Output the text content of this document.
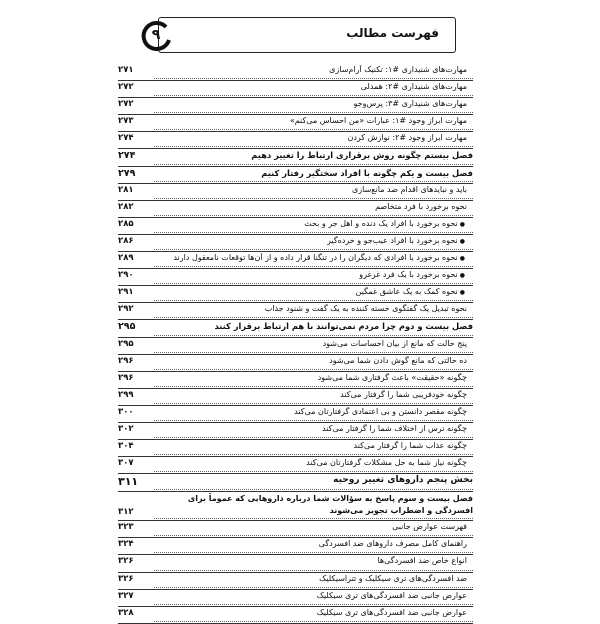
فهرست مطالب
۹
مهارت‌های شنیداری #۱: تکنیک آرام‌سازی
۲۷۱
مهارت‌های شنیداری #۲: همدلی
۲۷۲
مهارت‌های شنیداری #۳: پرس‌وجو
۲۷۲
مهارت ابراز وجود #۱: عبارات «من احساس می‌کنم»
۲۷۳
مهارت ابراز وجود #۲: نوازش کردن
۲۷۴
فصل بیستم چگونه روش برقراری ارتباط را تغییر دهیم
۲۷۴
فصل بیست و یکم چگونه با افراد سختگیر رفتار کنیم
۲۷۹
باید و نبایدهای اقدام ضد مانع‌سازی
۲۸۱
نحوه برخورد با فرد متخاصم
۲۸۲
●نحوه برخورد با افراد یک دنده و اهل جر و بحث
۲۸۵
●نحوه برخورد با افراد عیب‌جو و خرده‌گیر
۲۸۶
●نحوه برخورد با افرادی که دیگران را در تنگنا قرار داده و از آن‌ها توقعات نامعقول دارند
۲۸۹
●نحوه برخورد با یک فرد غرغرو
۲۹۰
●نحوه کمک به یک عاشق غمگین
۲۹۱
نحوه تبدیل یک گفتگوی خسته کننده به یک گفت و شنود جذاب
۲۹۲
فصل بیست و دوم چرا مردم نمی‌توانند با هم ارتباط برقرار کنند
۲۹۵
پنج حالت که مانع از بیان احساسات می‌شود
۲۹۵
ده حالتی که مانع گوش دادن شما می‌شود
۲۹۶
چگونه «حقیقت» باعث گرفتاری شما می‌شود
۲۹۶
چگونه خودفریبی شما را گرفتار می‌کند
۲۹۹
چگونه مقصر دانستن و بی اعتمادی گرفتارتان می‌کند
۳۰۰
چگونه ترس از اختلاف شما را گرفتار می‌کند
۳۰۲
چگونه عذاب شما را گرفتار می‌کند
۳۰۴
چگونه نیاز شما به حل مشکلات گرفتارتان می‌کند
۳۰۷
بخش پنجم داروهای تغییر روحیه
۳۱۱
فصل بیست و سوم پاسخ به سؤالات شما درباره داروهایی که عموماً برای افسردگی و اضطراب تجویز می‌شوند
۳۱۲
فهرست عوارض جانبی
۳۲۳
راهنمای کامل مصرف داروهای ضد افسردگی
۳۲۴
انواع خاص ضد افسردگی‌ها
۳۲۶
ضد افسردگی‌های تری سیکلیک و تتراسیکلیک
۳۲۶
عوارض جانبی ضد افسردگی‌های تری سیکلیک
۳۲۷
عوارض جانبی ضد افسردگی‌های تری سیکلیک
۳۲۸
